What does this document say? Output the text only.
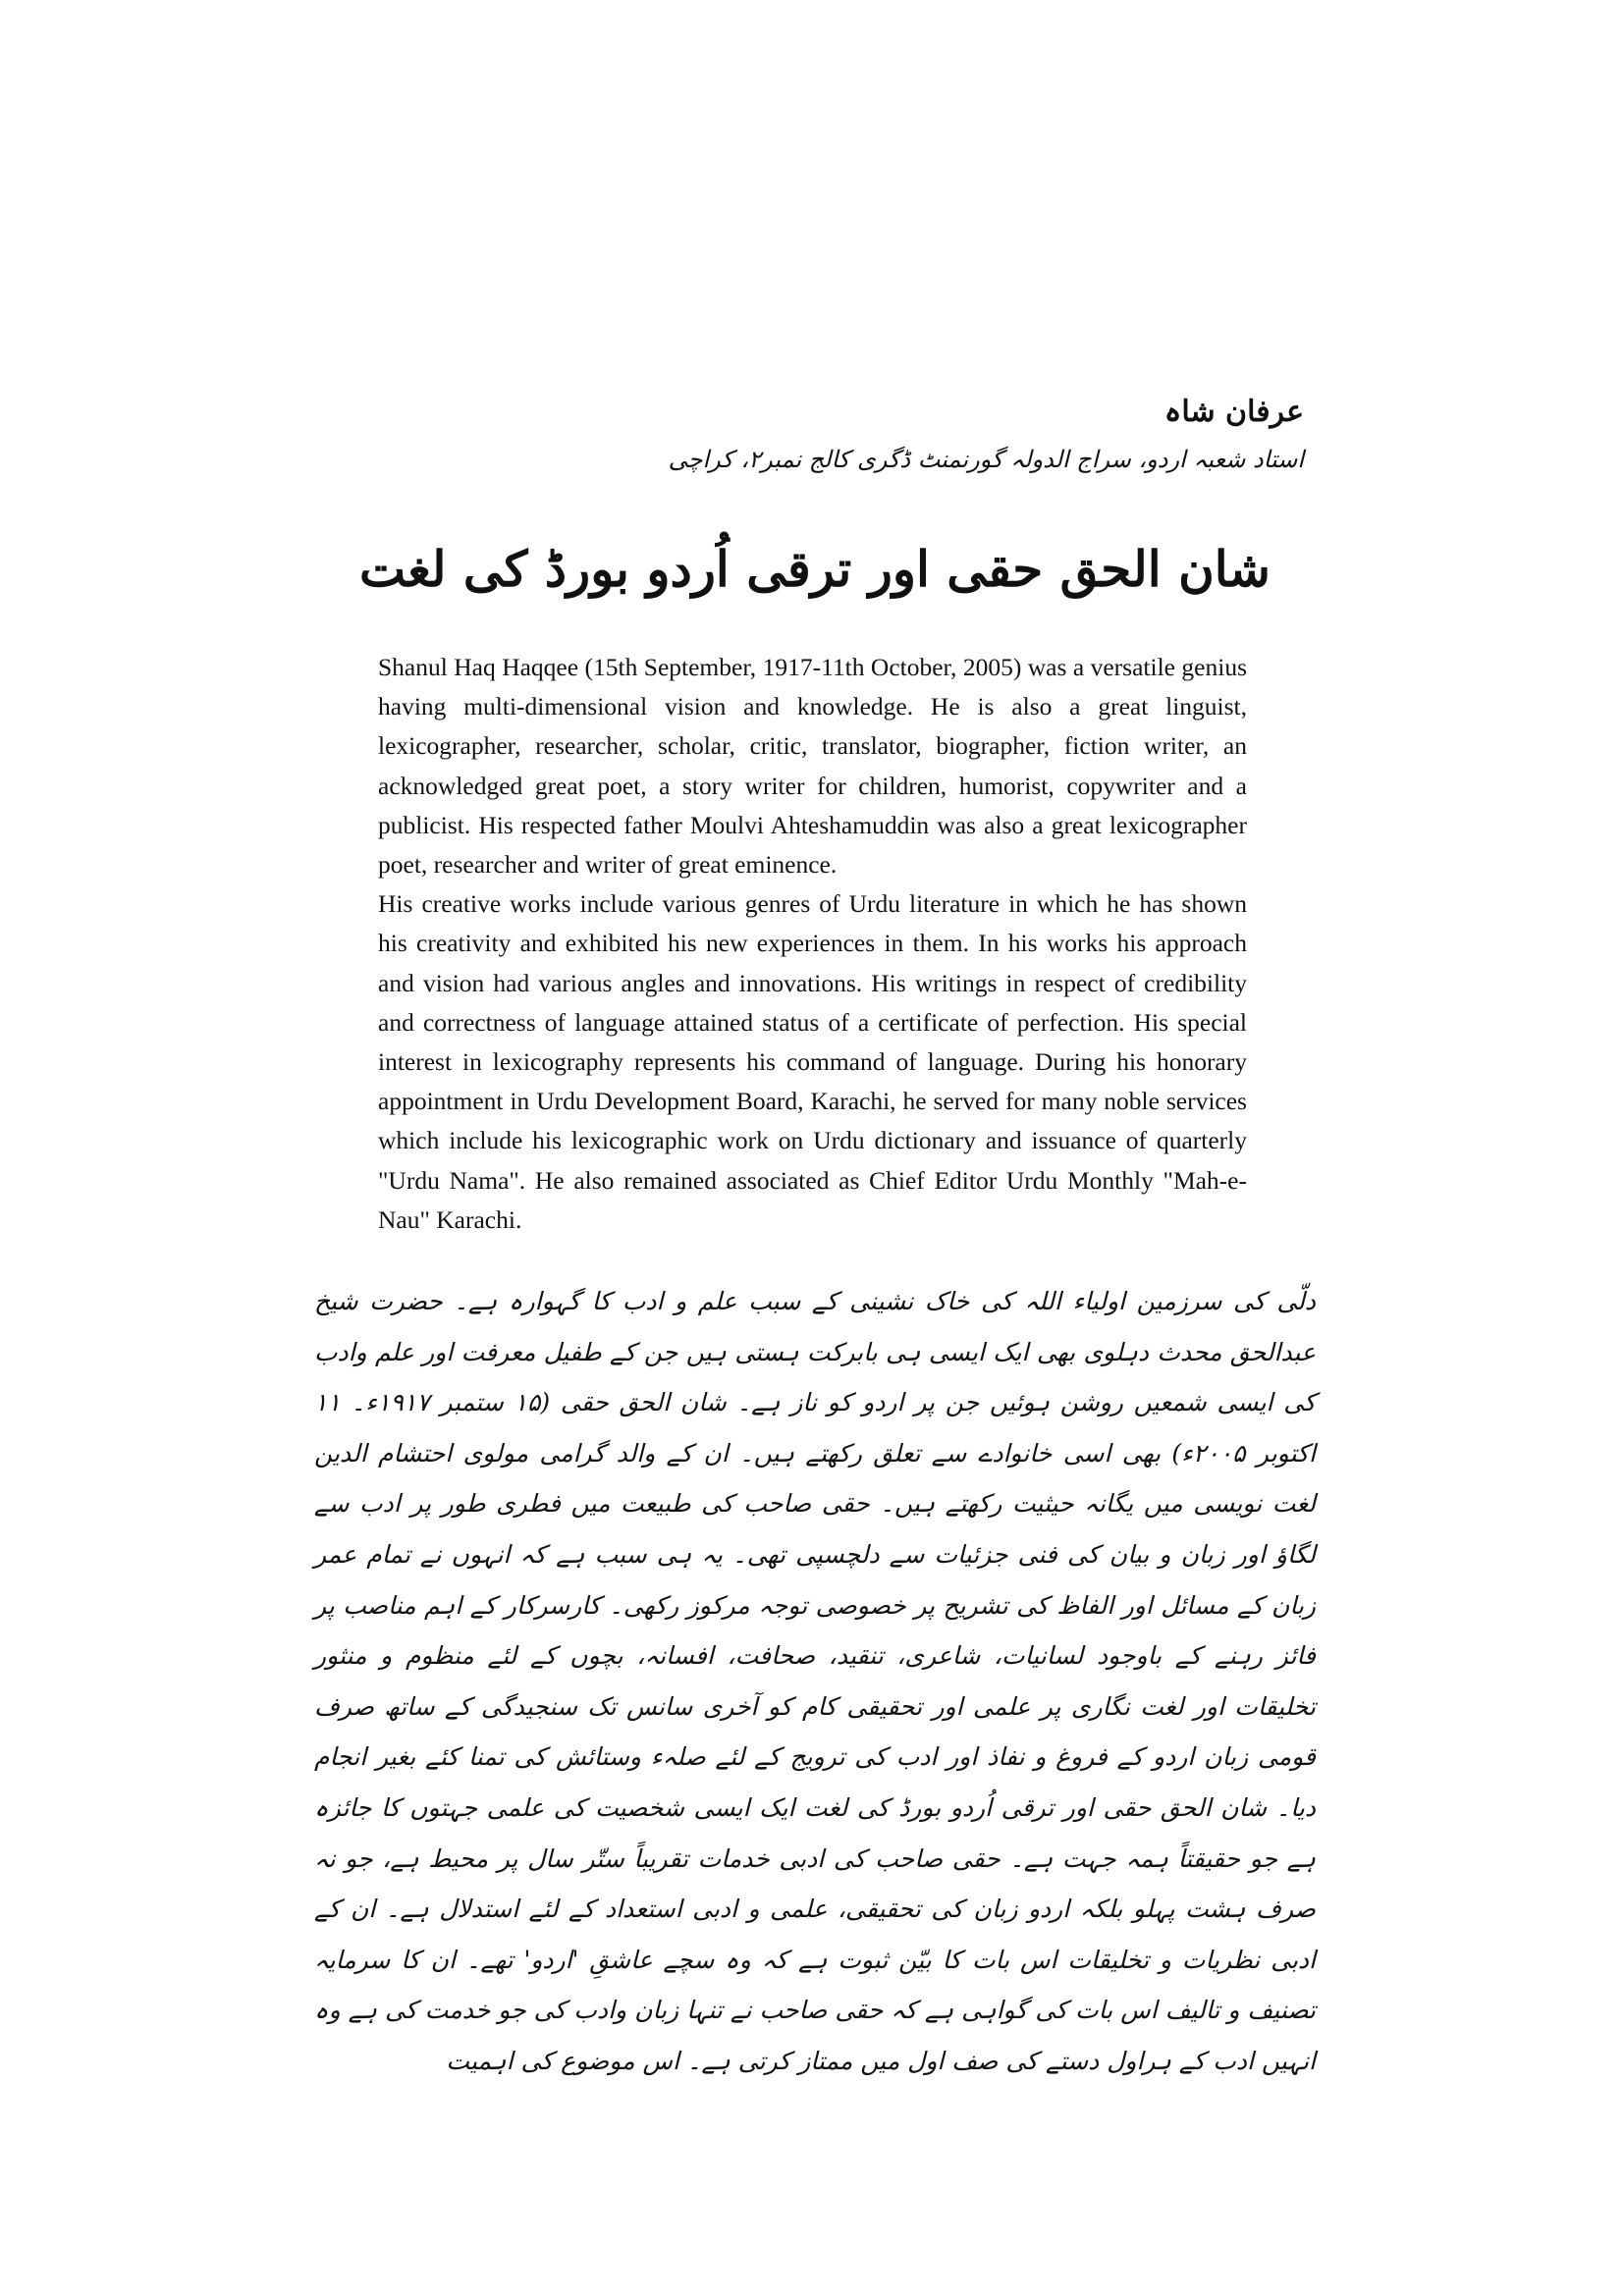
عرفان شاہ

استاد شعبہ اردو، سراج الدولہ گورنمنٹ ڈگری کالج نمبر۲، کراچی

شان الحق حقی اور ترقی اُردو بورڈ کی لغت

Shanul Haq Haqqee (15th September, 1917-11th October, 2005) was a versatile genius having multi-dimensional vision and knowledge. He is also a great linguist, lexicographer, researcher, scholar, critic, translator, biographer, fiction writer, an acknowledged great poet, a story writer for children, humorist, copywriter and a publicist. His respected father Moulvi Ahteshamuddin was also a great lexicographer poet, researcher and writer of great eminence.

His creative works include various genres of Urdu literature in which he has shown his creativity and exhibited his new experiences in them. In his works his approach and vision had various angles and innovations. His writings in respect of credibility and correctness of language attained status of a certificate of perfection. His special interest in lexicography represents his command of language. During his honorary appointment in Urdu Development Board, Karachi, he served for many noble services which include his lexicographic work on Urdu dictionary and issuance of quarterly "Urdu Nama". He also remained associated as Chief Editor Urdu Monthly "Mah-e-Nau" Karachi.

دلّی کی سرزمین اولیاء اللہ کی خاک نشینی کے سبب علم و ادب کا گہوارہ ہے۔ حضرت شیخ عبدالحق محدث دہلوی بھی ایک ایسی ہی بابرکت ہستی ہیں جن کے طفیل معرفت اور علم وادب کی ایسی شمعیں روشن ہوئیں جن پر اردو کو ناز ہے۔ شان الحق حقی (۱۵ ستمبر ۱۹۱۷ء۔ ۱۱ اکتوبر ۲۰۰۵ء) بھی اسی خانوادے سے تعلق رکھتے ہیں۔ ان کے والد گرامی مولوی احتشام الدین لغت نویسی میں یگانہ حیثیت رکھتے ہیں۔ حقی صاحب کی طبیعت میں فطری طور پر ادب سے لگاؤ اور زبان و بیان کی فنی جزئیات سے دلچسپی تھی۔ یہ ہی سبب ہے کہ انہوں نے تمام عمر زبان کے مسائل اور الفاظ کی تشریح پر خصوصی توجہ مرکوز رکھی۔ کارسرکار کے اہم مناصب پر فائز رہنے کے باوجود لسانیات، شاعری، تنقید، صحافت، افسانہ، بچوں کے لئے منظوم و منثور تخلیقات اور لغت نگاری پر علمی اور تحقیقی کام کو آخری سانس تک سنجیدگی کے ساتھ صرف قومی زبان اردو کے فروغ و نفاذ اور ادب کی ترویج کے لئے صلہء وستائش کی تمنا کئے بغیر انجام دیا۔ شان الحق حقی اور ترقی اُردو بورڈ کی لغت ایک ایسی شخصیت کی علمی جہتوں کا جائزہ ہے جو حقیقتاً ہمہ جہت ہے۔ حقی صاحب کی ادبی خدمات تقریباً ستّر سال پر محیط ہے، جو نہ صرف ہشت پہلو بلکہ اردو زبان کی تحقیقی، علمی و ادبی استعداد کے لئے استدلال ہے۔ ان کے ادبی نظریات و تخلیقات اس بات کا بیّن ثبوت ہے کہ وہ سچے عاشقِ 'اردو' تھے۔ ان کا سرمایہ تصنیف و تالیف اس بات کی گواہی ہے کہ حقی صاحب نے تنہا زبان وادب کی جو خدمت کی ہے وہ انہیں ادب کے ہراول دستے کی صف اول میں ممتاز کرتی ہے۔ اس موضوع کی اہمیت
